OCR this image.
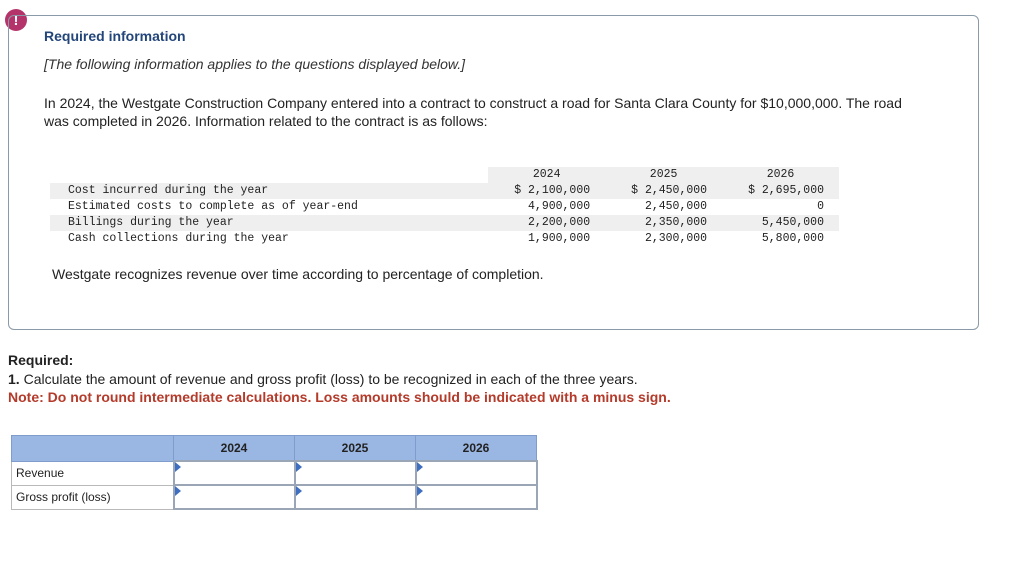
!
Required information
[The following information applies to the questions displayed below.]
In 2024, the Westgate Construction Company entered into a contract to construct a road for Santa Clara County for $10,000,000. The road was completed in 2026. Information related to the contract is as follows:
	2024	2025	2026
Cost incurred during the year	$ 2,100,000	$ 2,450,000	$ 2,695,000
Estimated costs to complete as of year-end	4,900,000	2,450,000	0
Billings during the year	2,200,000	2,350,000	5,450,000
Cash collections during the year	1,900,000	2,300,000	5,800,000
Westgate recognizes revenue over time according to percentage of completion.
Required:
1. Calculate the amount of revenue and gross profit (loss) to be recognized in each of the three years.
Note: Do not round intermediate calculations. Loss amounts should be indicated with a minus sign.
	2024	2025	2026
Revenue	

Gross profit (loss)	
